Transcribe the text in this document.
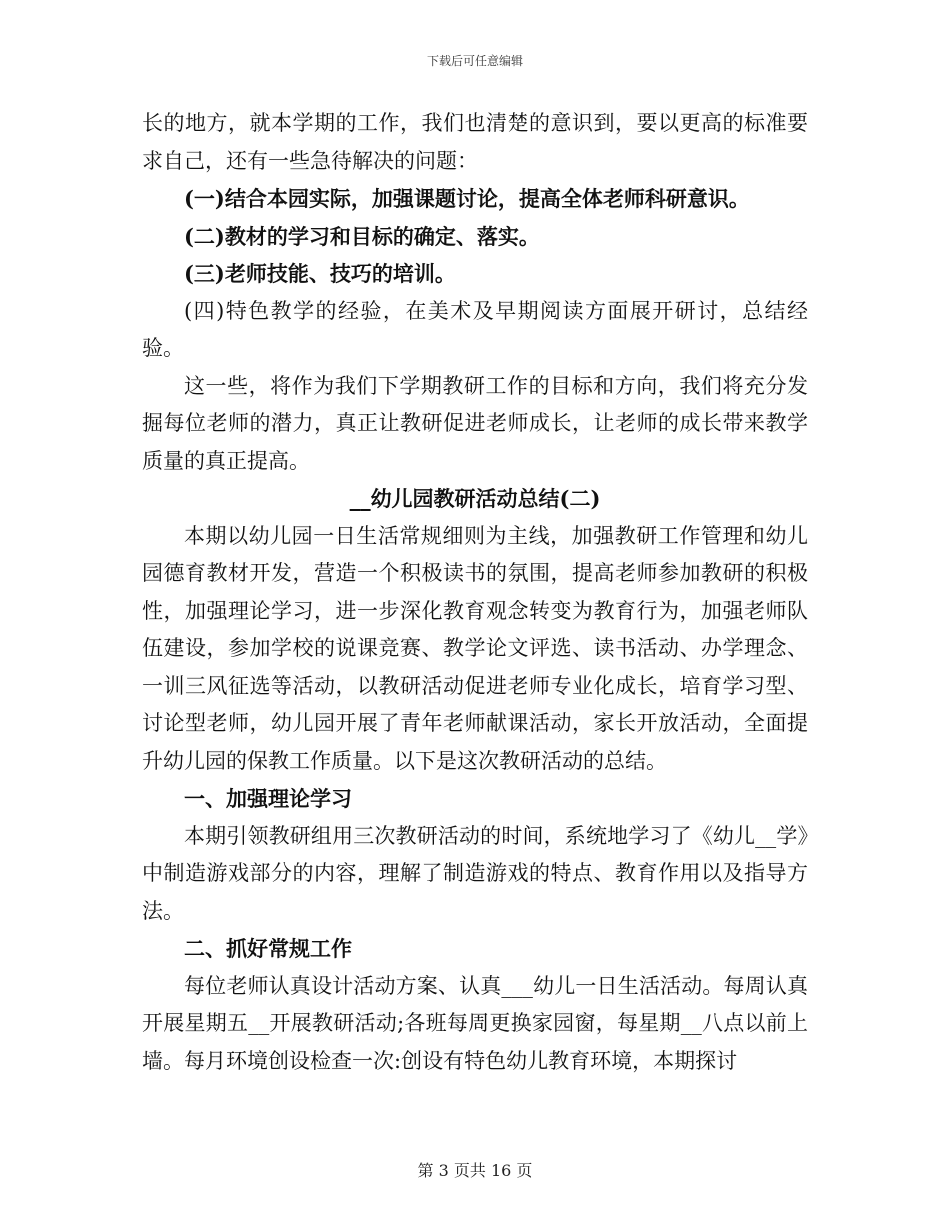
下载后可任意编辑

长的地方，就本学期的工作，我们也清楚的意识到，要以更高的标准要求自己，还有一些急待解决的问题：

(一)结合本园实际，加强课题讨论，提高全体老师科研意识。

(二)教材的学习和目标的确定、落实。

(三)老师技能、技巧的培训。

(四)特色教学的经验，在美术及早期阅读方面展开研讨，总结经验。

这一些，将作为我们下学期教研工作的目标和方向，我们将充分发掘每位老师的潜力，真正让教研促进老师成长，让老师的成长带来教学质量的真正提高。

__幼儿园教研活动总结(二)

本期以幼儿园一日生活常规细则为主线，加强教研工作管理和幼儿园德育教材开发，营造一个积极读书的氛围，提高老师参加教研的积极性，加强理论学习，进一步深化教育观念转变为教育行为，加强老师队伍建设，参加学校的说课竞赛、教学论文评选、读书活动、办学理念、一训三风征选等活动，以教研活动促进老师专业化成长，培育学习型、讨论型老师，幼儿园开展了青年老师献课活动，家长开放活动，全面提升幼儿园的保教工作质量。以下是这次教研活动的总结。

一、加强理论学习

本期引领教研组用三次教研活动的时间，系统地学习了《幼儿__学》中制造游戏部分的内容，理解了制造游戏的特点、教育作用以及指导方法。

二、抓好常规工作

每位老师认真设计活动方案、认真___幼儿一日生活活动。每周认真开展星期五__开展教研活动;各班每周更换家园窗，每星期__八点以前上墙。每月环境创设检查一次:创设有特色幼儿教育环境，本期探讨

第 3 页共 16 页
